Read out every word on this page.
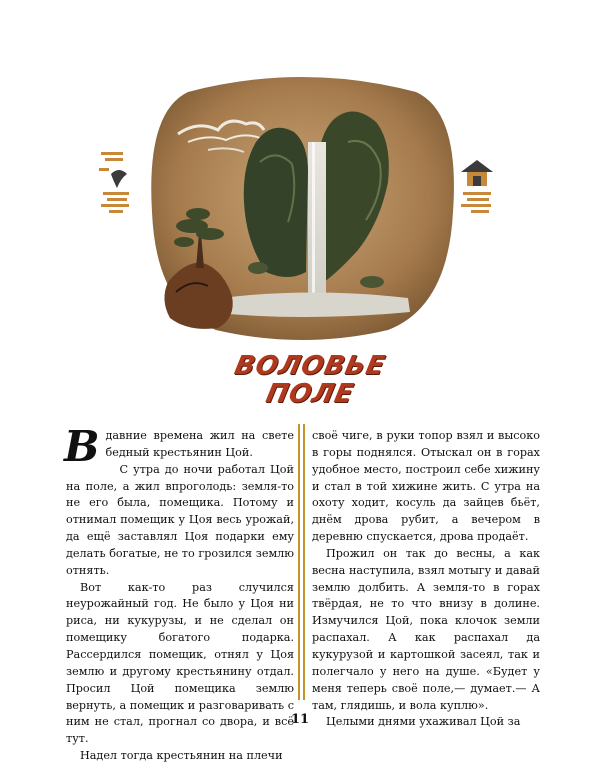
ВОЛОВЬЕ
ПОЛЕ

Вдавние времена жил на свете бедный крестьянин Цой.

С утра до ночи работал Цой на поле, а жил впроголодь: земля-то не его была, помещика. Потому и отнимал помещик у Цоя весь урожай, да ещё заставлял Цоя подарки ему делать богатые, не то грозился землю отнять.

Вот как-то раз случился неурожайный год. Не было у Цоя ни риса, ни кукурузы, и не сделал он помещику богатого подарка. Рассердился помещик, отнял у Цоя землю и другому крестьянину отдал. Просил Цой помещика землю вернуть, а помещик и разговаривать с ним не стал, прогнал со двора, и всё тут.

Надел тогда крестьянин на плечи

своё чиге, в руки топор взял и высоко в горы поднялся. Отыскал он в горах удобное место, построил себе хижину и стал в той хижине жить. С утра на охоту ходит, косуль да зайцев бьёт, днём дрова рубит, а вечером в деревню спускается, дрова продаёт.

Прожил он так до весны, а как весна наступила, взял мотыгу и давай землю долбить. А земля-то в горах твёрдая, не то что внизу в долине. Измучился Цой, пока клочок земли распахал. А как распахал да кукурузой и картошкой засеял, так и полегчало у него на душе. «Будет у меня теперь своё поле,— думает.— А там, глядишь, и вола куплю».

Целыми днями ухаживал Цой за

11
